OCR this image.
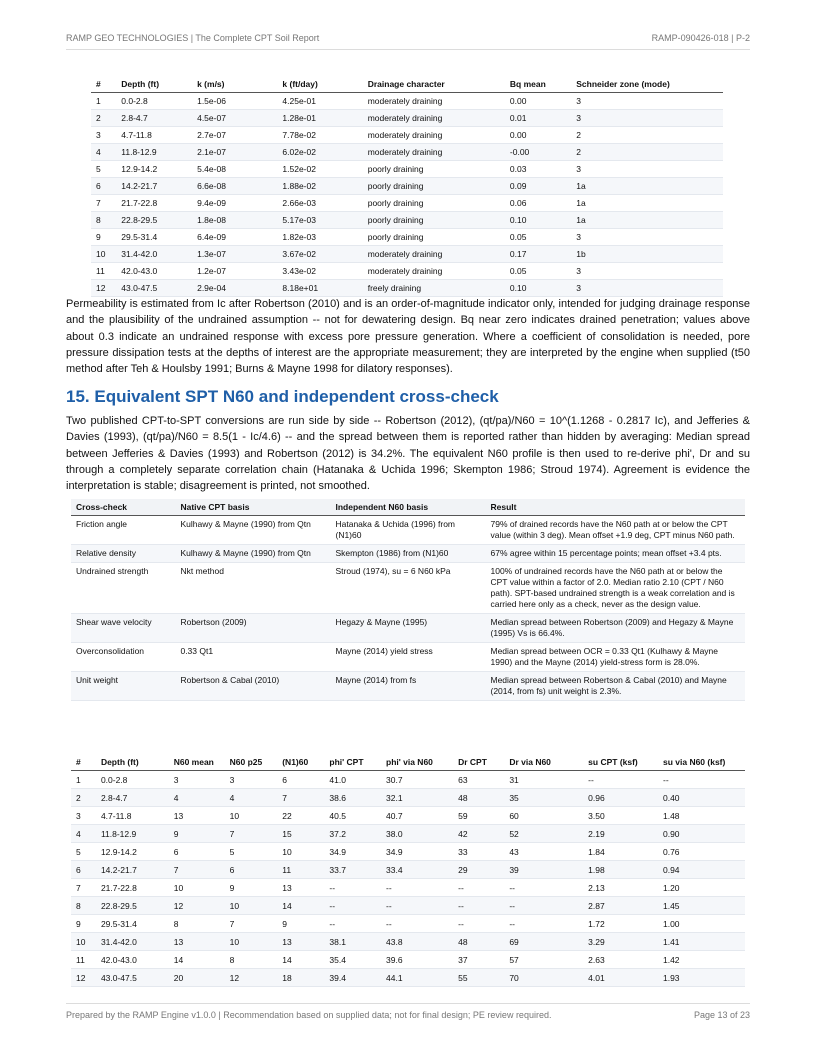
RAMP GEO TECHNOLOGIES | The Complete CPT Soil Report	RAMP-090426-018 | P-2
#	Depth (ft)	k (m/s)	k (ft/day)	Drainage character	Bq mean	Schneider zone (mode)
1	0.0-2.8	1.5e-06	4.25e-01	moderately draining	0.00	3
2	2.8-4.7	4.5e-07	1.28e-01	moderately draining	0.01	3
3	4.7-11.8	2.7e-07	7.78e-02	moderately draining	0.00	2
4	11.8-12.9	2.1e-07	6.02e-02	moderately draining	-0.00	2
5	12.9-14.2	5.4e-08	1.52e-02	poorly draining	0.03	3
6	14.2-21.7	6.6e-08	1.88e-02	poorly draining	0.09	1a
7	21.7-22.8	9.4e-09	2.66e-03	poorly draining	0.06	1a
8	22.8-29.5	1.8e-08	5.17e-03	poorly draining	0.10	1a
9	29.5-31.4	6.4e-09	1.82e-03	poorly draining	0.05	3
10	31.4-42.0	1.3e-07	3.67e-02	moderately draining	0.17	1b
11	42.0-43.0	1.2e-07	3.43e-02	moderately draining	0.05	3
12	43.0-47.5	2.9e-04	8.18e+01	freely draining	0.10	3

Permeability is estimated from Ic after Robertson (2010) and is an order-of-magnitude indicator only, intended for judging drainage response and the plausibility of the undrained assumption -- not for dewatering design. Bq near zero indicates drained penetration; values above about 0.3 indicate an undrained response with excess pore pressure generation. Where a coefficient of consolidation is needed, pore pressure dissipation tests at the depths of interest are the appropriate measurement; they are interpreted by the engine when supplied (t50 method after Teh & Houlsby 1991; Burns & Mayne 1998 for dilatory responses).

15. Equivalent SPT N60 and independent cross-check

Two published CPT-to-SPT conversions are run side by side -- Robertson (2012), (qt/pa)/N60 = 10^(1.1268 - 0.2817 Ic), and Jefferies & Davies (1993), (qt/pa)/N60 = 8.5(1 - Ic/4.6) -- and the spread between them is reported rather than hidden by averaging: Median spread between Jefferies & Davies (1993) and Robertson (2012) is 34.2%. The equivalent N60 profile is then used to re-derive phi', Dr and su through a completely separate correlation chain (Hatanaka & Uchida 1996; Skempton 1986; Stroud 1974). Agreement is evidence the interpretation is stable; disagreement is printed, not smoothed.

Cross-check	Native CPT basis	Independent N60 basis	Result
Friction angle	Kulhawy & Mayne (1990) from Qtn	Hatanaka & Uchida (1996) from (N1)60	79% of drained records have the N60 path at or below the CPT value (within 3 deg). Mean offset +1.9 deg, CPT minus N60 path.
Relative density	Kulhawy & Mayne (1990) from Qtn	Skempton (1986) from (N1)60	67% agree within 15 percentage points; mean offset +3.4 pts.
Undrained strength	Nkt method	Stroud (1974), su = 6 N60 kPa	100% of undrained records have the N60 path at or below the CPT value within a factor of 2.0. Median ratio 2.10 (CPT / N60 path). SPT-based undrained strength is a weak correlation and is carried here only as a check, never as the design value.
Shear wave velocity	Robertson (2009)	Hegazy & Mayne (1995)	Median spread between Robertson (2009) and Hegazy & Mayne (1995) Vs is 66.4%.
Overconsolidation	0.33 Qt1	Mayne (2014) yield stress	Median spread between OCR = 0.33 Qt1 (Kulhawy & Mayne 1990) and the Mayne (2014) yield-stress form is 28.0%.
Unit weight	Robertson & Cabal (2010)	Mayne (2014) from fs	Median spread between Robertson & Cabal (2010) and Mayne (2014, from fs) unit weight is 2.3%.
#	Depth (ft)	N60 mean	N60 p25	(N1)60	phi' CPT	phi' via N60	Dr CPT	Dr via N60	su CPT (ksf)	su via N60 (ksf)
1	0.0-2.8	3	3	6	41.0	30.7	63	31	--	--
2	2.8-4.7	4	4	7	38.6	32.1	48	35	0.96	0.40
3	4.7-11.8	13	10	22	40.5	40.7	59	60	3.50	1.48
4	11.8-12.9	9	7	15	37.2	38.0	42	52	2.19	0.90
5	12.9-14.2	6	5	10	34.9	34.9	33	43	1.84	0.76
6	14.2-21.7	7	6	11	33.7	33.4	29	39	1.98	0.94
7	21.7-22.8	10	9	13	--	--	--	--	2.13	1.20
8	22.8-29.5	12	10	14	--	--	--	--	2.87	1.45
9	29.5-31.4	8	7	9	--	--	--	--	1.72	1.00
10	31.4-42.0	13	10	13	38.1	43.8	48	69	3.29	1.41
11	42.0-43.0	14	8	14	35.4	39.6	37	57	2.63	1.42
12	43.0-47.5	20	12	18	39.4	44.1	55	70	4.01	1.93
Prepared by the RAMP Engine v1.0.0 | Recommendation based on supplied data; not for final design; PE review required.	Page 13 of 23
